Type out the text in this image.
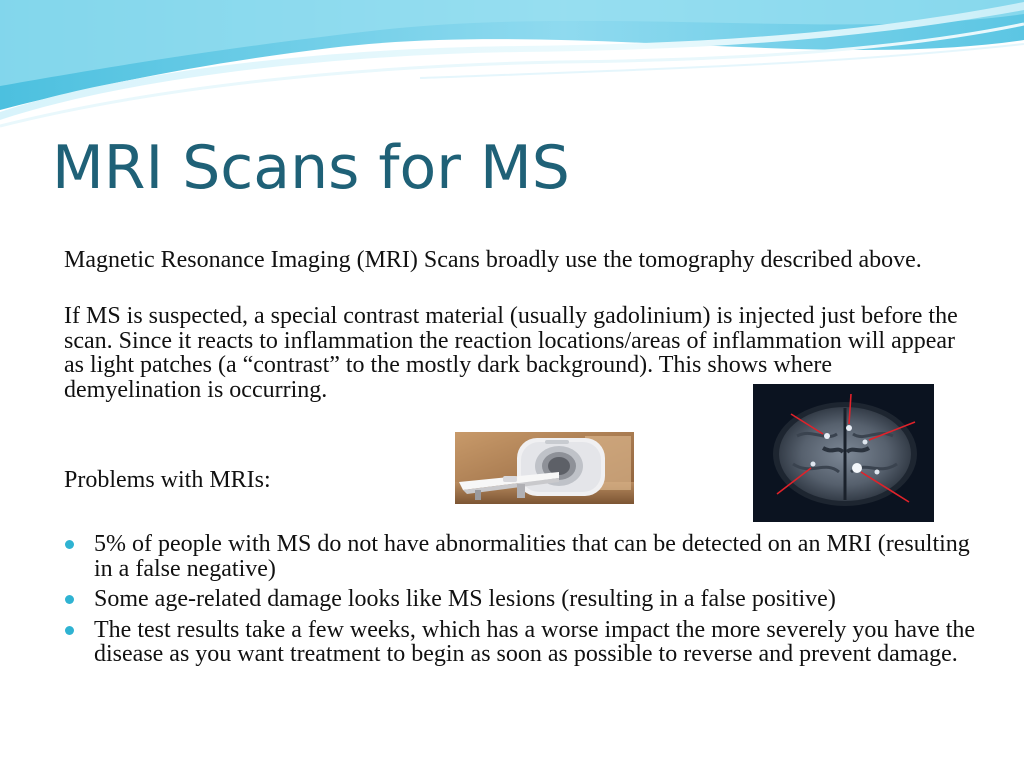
MRI Scans for MS

Magnetic Resonance Imaging (MRI) Scans broadly use the tomography described above.

If MS is suspected, a special contrast material (usually gadolinium) is injected just before the scan. Since it reacts to inflammation the reaction locations/areas of inflammation will appear as light patches (a “contrast” to the mostly dark background). This shows where demyelination is occurring.

Problems with MRIs:

5% of people with MS do not have abnormalities that can be detected on an MRI (resulting in a false negative)
Some age-related damage looks like MS lesions (resulting in a false positive)
The test results take a few weeks, which has a worse impact the more severely you have the disease as you want treatment to begin as soon as possible to reverse and prevent damage.
